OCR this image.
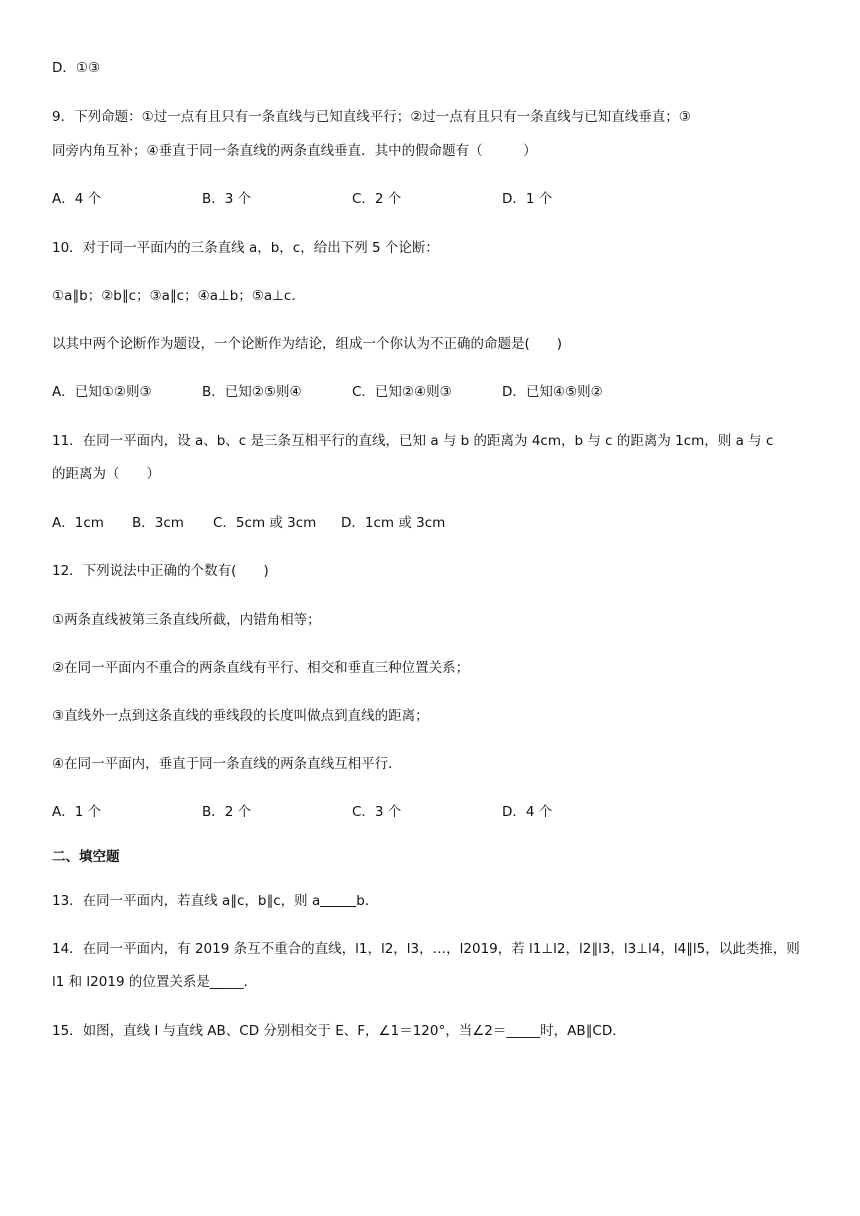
D．①③
9．下列命题：①过一点有且只有一条直线与已知直线平行；②过一点有且只有一条直线与已知直线垂直；③
同旁内角互补；④垂直于同一条直线的两条直线垂直．其中的假命题有（　　　）
A．4 个	B．3 个	C．2 个	D．1 个
10．对于同一平面内的三条直线 a，b，c，给出下列 5 个论断：
①a∥b；②b∥c；③a∥c；④a⊥b；⑤a⊥c．
以其中两个论断作为题设，一个论断作为结论，组成一个你认为不正确的命题是(　　)
A．已知①②则③	B．已知②⑤则④	C．已知②④则③	D．已知④⑤则②
11．在同一平面内，设 a、b、c 是三条互相平行的直线，已知 a 与 b 的距离为 4cm，b 与 c 的距离为 1cm，则 a 与 c
的距离为（　　）
A．1cm B．3cm C．5cm 或 3cm D．1cm 或 3cm
12．下列说法中正确的个数有(　　)
①两条直线被第三条直线所截，内错角相等；
②在同一平面内不重合的两条直线有平行、相交和垂直三种位置关系；
③直线外一点到这条直线的垂线段的长度叫做点到直线的距离；
④在同一平面内，垂直于同一条直线的两条直线互相平行．
A．1 个	B．2 个	C．3 个	D．4 个
二、填空题
13．在同一平面内，若直线 a∥c，b∥c，则 a	b．
14．在同一平面内，有 2019 条互不重合的直线，l1，l2，l3，…，l2019，若 l1⊥l2，l2∥l3，l3⊥l4，l4∥l5，以此类推，则
l1 和 l2019 的位置关系是_____．
15．如图，直线 l 与直线 AB、CD 分别相交于 E、F，∠1＝120°，当∠2＝_____时，AB∥CD．
